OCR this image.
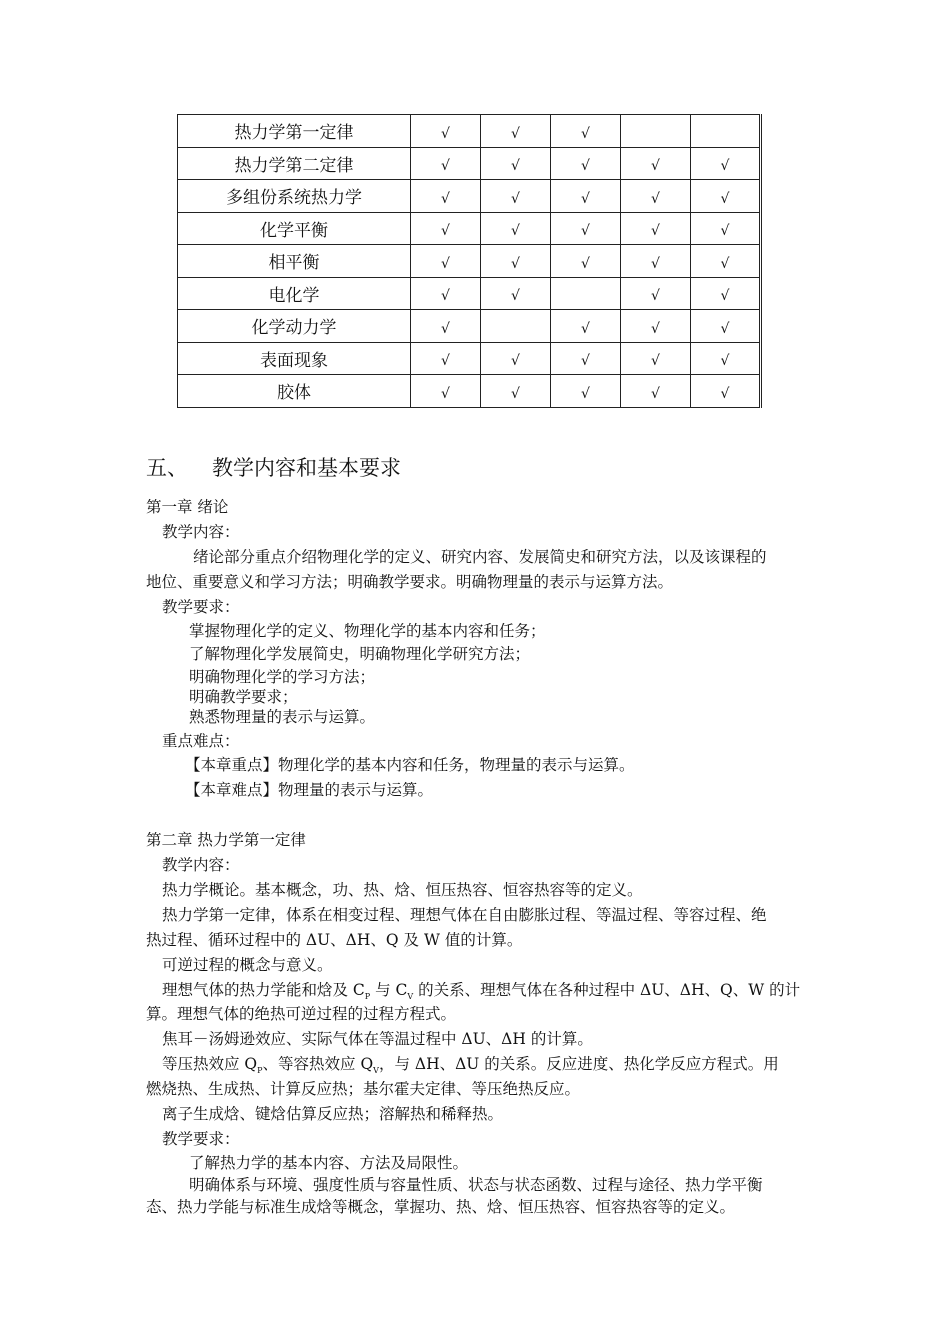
热力学第一定律	√	√	√		
热力学第二定律	√	√	√	√	√
多组份系统热力学	√	√	√	√	√
化学平衡	√	√	√	√	√
相平衡	√	√	√	√	√
电化学	√	√		√	√
化学动力学	√		√	√	√
表面现象	√	√	√	√	√
胶体	√	√	√	√	√
五、 教学内容和基本要求
第一章 绪论
教学内容：
绪论部分重点介绍物理化学的定义、研究内容、发展简史和研究方法，以及该课程的
地位、重要意义和学习方法；明确教学要求。明确物理量的表示与运算方法。
教学要求：
掌握物理化学的定义、物理化学的基本内容和任务；
了解物理化学发展简史，明确物理化学研究方法；
明确物理化学的学习方法；
明确教学要求；
熟悉物理量的表示与运算。
重点难点：
【本章重点】物理化学的基本内容和任务，物理量的表示与运算。
【本章难点】物理量的表示与运算。
第二章 热力学第一定律
教学内容：
热力学概论。基本概念，功、热、焓、恒压热容、恒容热容等的定义。
热力学第一定律，体系在相变过程、理想气体在自由膨胀过程、等温过程、等容过程、绝
热过程、循环过程中的 ΔU、ΔH、Q 及 W 值的计算。
可逆过程的概念与意义。
理想气体的热力学能和焓及 $C_P$ 与 $C_V$ 的关系、理想气体在各种过程中 ΔU、ΔH、Q、W 的计
算。理想气体的绝热可逆过程的过程方程式。
焦耳－汤姆逊效应、实际气体在等温过程中 ΔU、ΔH 的计算。
等压热效应 $Q_P$、等容热效应 $Q_V$，与 ΔH、ΔU 的关系。反应进度、热化学反应方程式。用
燃烧热、生成热、计算反应热；基尔霍夫定律、等压绝热反应。
离子生成焓、键焓估算反应热；溶解热和稀释热。
教学要求：
了解热力学的基本内容、方法及局限性。
明确体系与环境、强度性质与容量性质、状态与状态函数、过程与途径、热力学平衡
态、热力学能与标准生成焓等概念，掌握功、热、焓、恒压热容、恒容热容等的定义。
